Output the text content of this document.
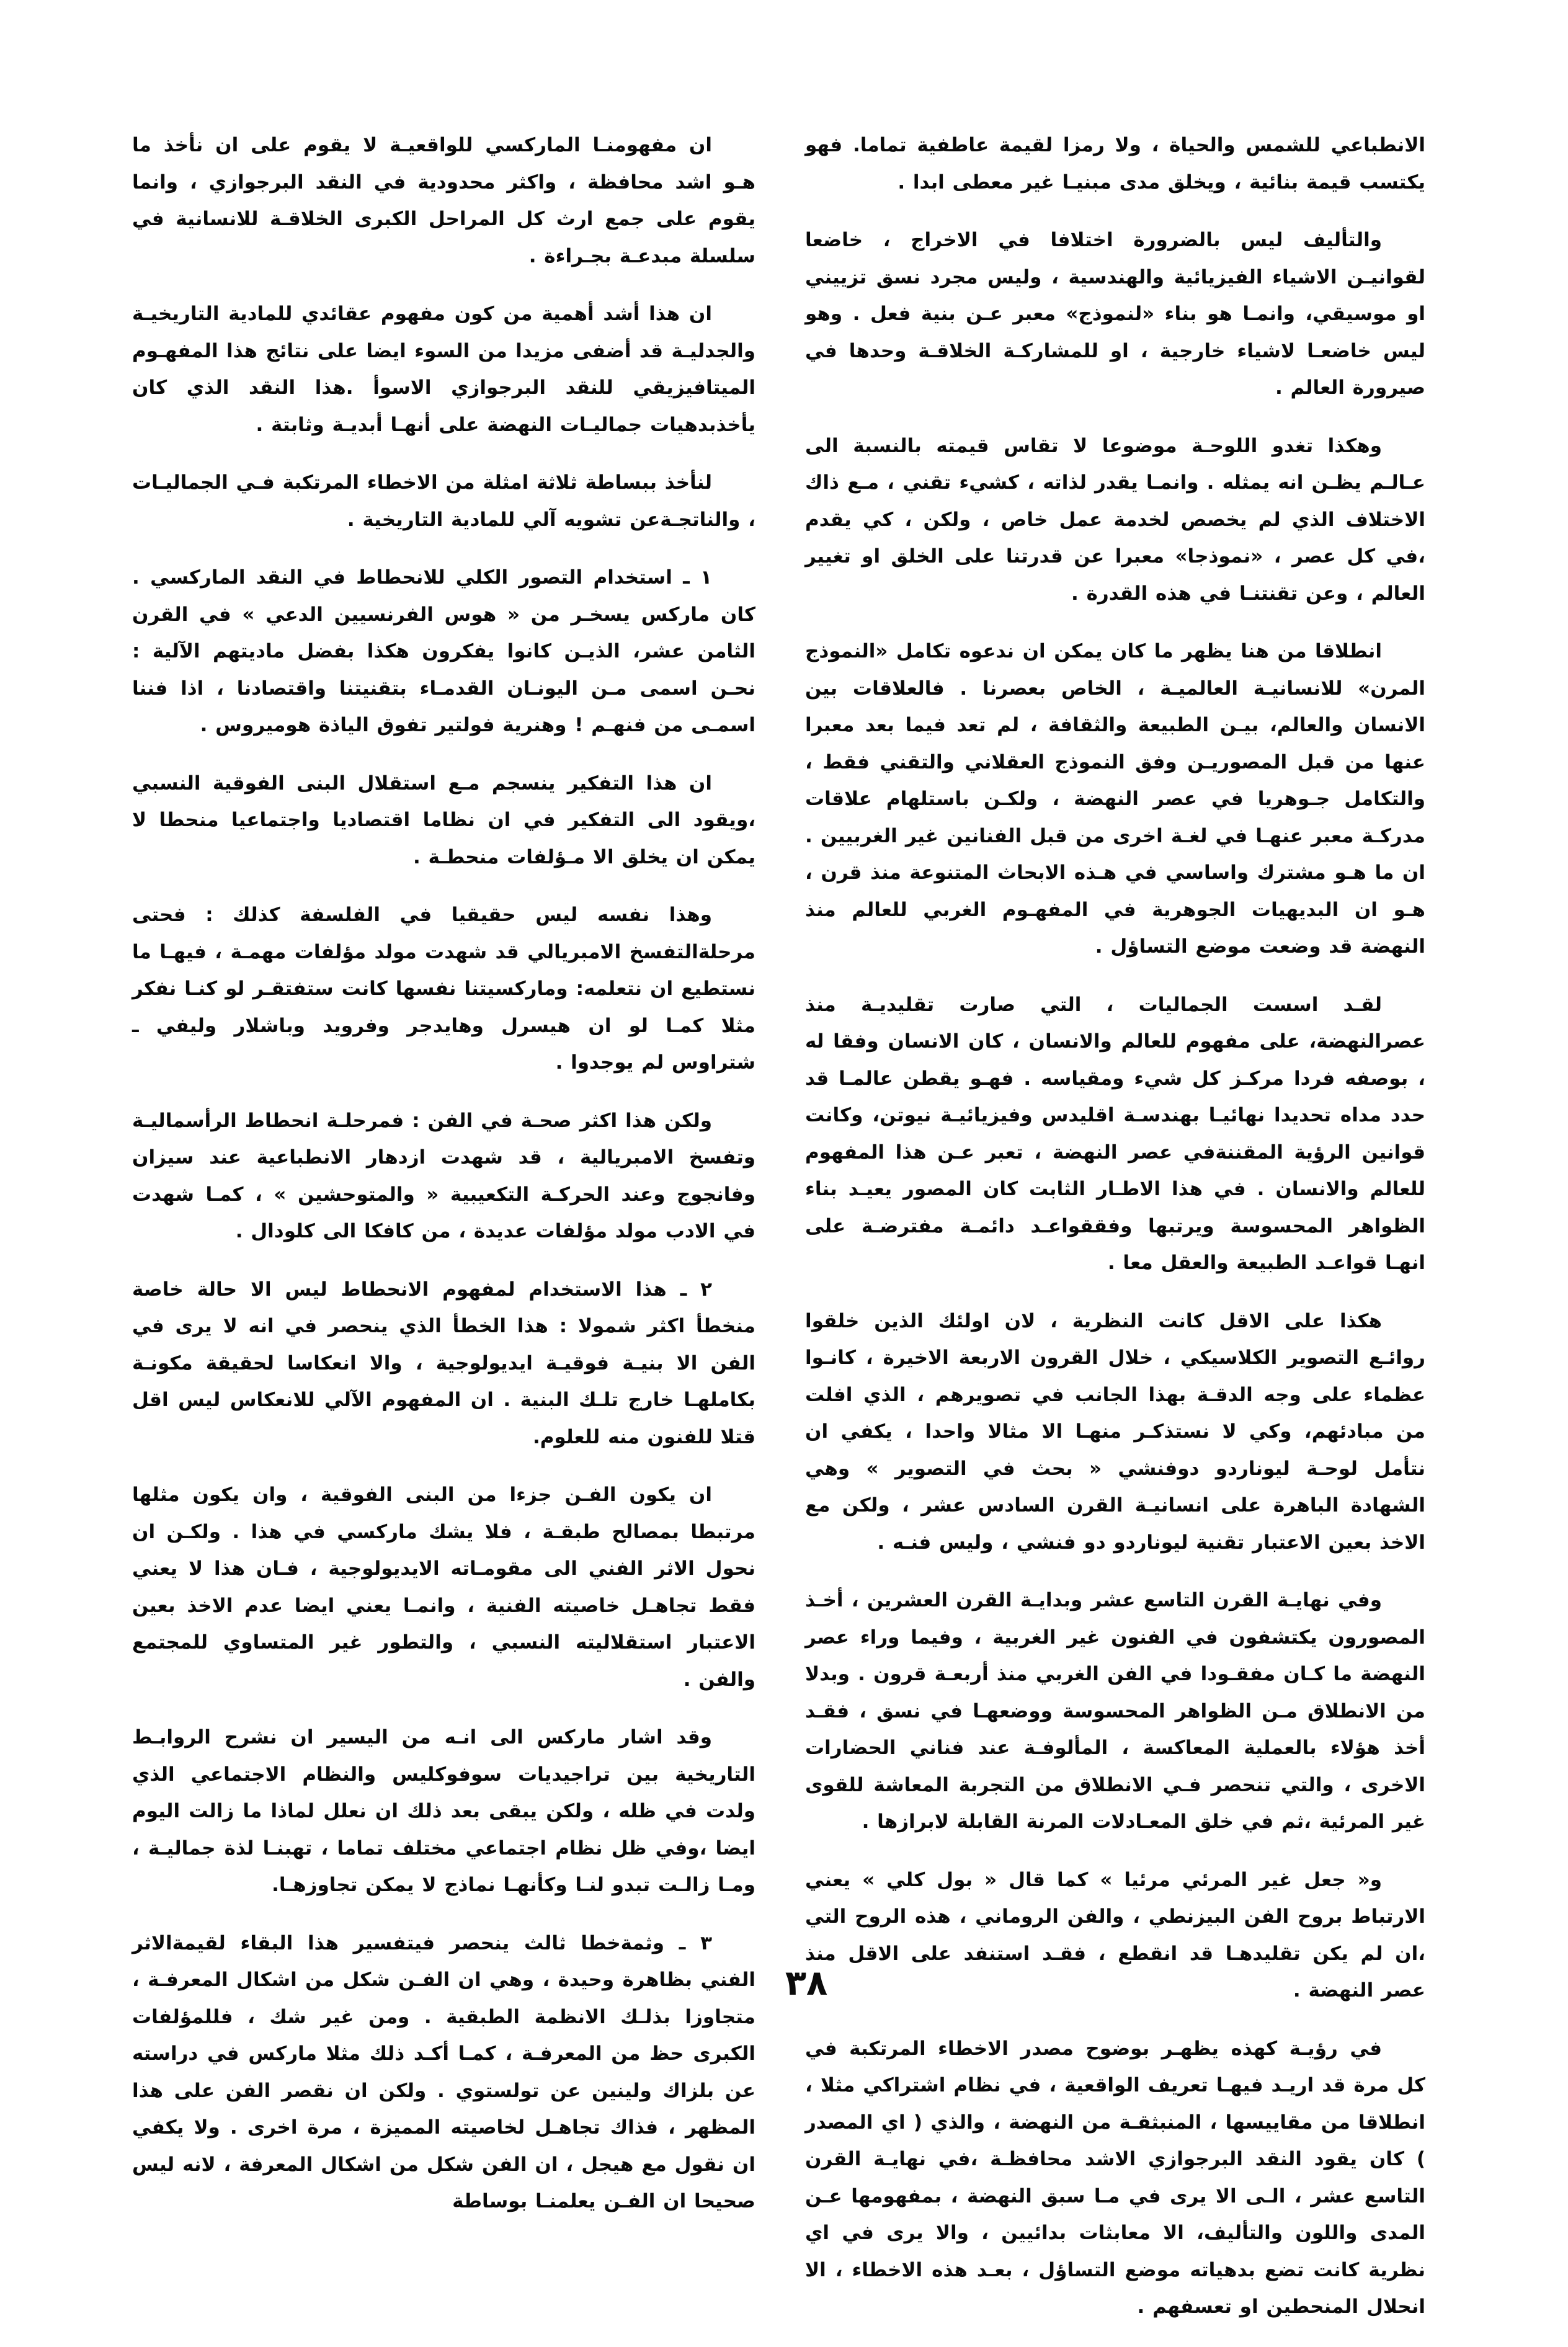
الانطباعي للشمس والحياة ، ولا رمزا لقيمة عاطفية تماما. فهو يكتسب قيمة بنائية ، ويخلق مدى مبنيـا غير معطى ابدا .

والتأليف ليس بالضرورة اختلافا في الاخراج ، خاضعا لقوانيـن الاشياء الفيزيائية والهندسية ، وليس مجرد نسق تزييني او موسيقي، وانمـا هو بناء «لنموذج» معبر عـن بنية فعل . وهو ليس خاضعـا لاشياء خارجية ، او للمشاركـة الخلاقـة وحدها في صيرورة العالم .

وهكذا تغدو اللوحـة موضوعا لا تقاس قيمته بالنسبة الى عـالـم يظـن انه يمثله . وانمـا يقدر لذاته ، كشيء تقني ، مـع ذاك الاختلاف الذي لم يخصص لخدمة عمل خاص ، ولكن ، كي يقدم ،في كل عصر ، «نموذجا» معبرا عن قدرتنا على الخلق او تغيير العالم ، وعن تقنتنـا في هذه القدرة .

انطلاقا من هنا يظهر ما كان يمكن ان ندعوه تكامل «النموذج المرن» للانسانيـة العالميـة ، الخاص بعصرنا . فالعلاقات بين الانسان والعالم، بيـن الطبيعة والثقافة ، لم تعد فيما بعد معبرا عنها من قبل المصوريـن وفق النموذج العقلاني والتقني فقط ، والتكامل جـوهريا في عصر النهضة ، ولكـن باستلهام علاقات مدركـة معبر عنهـا في لغـة اخرى من قبل الفنانين غير الغربيين . ان ما هـو مشترك واساسي في هـذه الابحاث المتنوعة منذ قرن ، هـو ان البديهيات الجوهرية في المفهـوم الغربي للعالم منذ النهضة قد وضعت موضع التساؤل .

لقـد اسست الجماليات ، التي صارت تقليديـة منذ عصرالنهضة، على مفهوم للعالم والانسان ، كان الانسان وفقا له ، بوصفه فردا مركـز كل شيء ومقياسه . فهـو يقطن عالمـا قد حدد مداه تحديدا نهائيـا بهندسـة اقليدس وفيزيائيـة نيوتن، وكانت قوانين الرؤية المقننةفي عصر النهضة ، تعبر عـن هذا المفهوم للعالم والانسان . في هذا الاطـار الثابت كان المصور يعيـد بناء الظواهر المحسوسة ويرتبها وفققواعـد دائمـة مفترضـة على انهـا قواعـد الطبيعة والعقل معا .

هكذا على الاقل كانت النظرية ، لان اولئك الذين خلقوا روائـع التصوير الكلاسيكي ، خلال القرون الاربعة الاخيرة ، كانـوا عظماء على وجه الدقـة بهذا الجانب في تصويرهم ، الذي افلت من مبادئهم، وكي لا نستذكـر منهـا الا مثالا واحدا ، يكفي ان نتأمل لوحـة ليوناردو دوفنشي « بحث في التصوير » وهي الشهادة الباهرة على انسانيـة القرن السادس عشر ، ولكن مع الاخذ بعين الاعتبار تقنية ليوناردو دو فنشي ، وليس فنـه .

وفي نهايـة القرن التاسع عشر وبدايـة القرن العشرين ، أخـذ المصورون يكتشفون في الفنون غير الغربية ، وفيما وراء عصر النهضة ما كـان مفقـودا في الفن الغربي منذ أربعـة قرون . وبدلا من الانطلاق مـن الظواهر المحسوسة ووضعهـا في نسق ، فقـد أخذ هؤلاء بالعملية المعاكسة ، المألوفـة عند فناني الحضارات الاخرى ، والتي تنحصر فـي الانطلاق من التجربة المعاشة للقوى غير المرئية ،ثم في خلق المعـادلات المرنة القابلة لابرازها .

و« جعل غير المرئي مرئيا » كما قال « بول كلي » يعني الارتباط بروح الفن البيزنطي ، والفن الروماني ، هذه الروح التي ،ان لم يكن تقليدهـا قد انقطع ، فقـد استنفد على الاقل منذ عصر النهضة .

في رؤيـة كهذه يظهـر بوضوح مصدر الاخطاء المرتكبة في كل مرة قد اريـد فيهـا تعريف الواقعية ، في نظام اشتراكي مثلا ، انطلاقا من مقاييسها ، المنبثقـة من النهضة ، والذي ( اي المصدر ) كان يقود النقد البرجوازي الاشد محافظـة ،في نهايـة القرن التاسع عشر ، الـى الا يرى في مـا سبق النهضة ، بمفهومها عـن المدى واللون والتأليف، الا معابثات بدائيين ، والا يرى في اي نظرية كانت تضع بدهياته موضع التساؤل ، بعـد هذه الاخطاء ، الا انحلال المنحطين او تعسفهم .

ان مفهومنـا الماركسي للواقعيـة لا يقوم على ان نأخذ ما هـو اشد محافظة ، واكثر محدودية في النقد البرجوازي ، وانما يقوم على جمع ارث كل المراحل الكبرى الخلاقـة للانسانية في سلسلة مبدعـة بجـراءة .

ان هذا أشد أهمية من كون مفهوم عقائدي للمادية التاريخيـة والجدليـة قد أضفى مزيدا من السوء ايضا على نتائج هذا المفهـوم الميتافيزيقي للنقد البرجوازي الاسوأ .هذا النقد الذي كان يأخذبدهيات جماليـات النهضة على أنهـا أبديـة وثابتة .

لنأخذ ببساطة ثلاثة امثلة من الاخطاء المرتكبة فـي الجماليـات ، والناتجـةعن تشويه آلي للمادية التاريخية .

١ ـ استخدام التصور الكلي للانحطاط في النقد الماركسي . كان ماركس يسخـر من « هوس الفرنسيين الدعي » في القرن الثامن عشر، الذيـن كانوا يفكرون هكذا بفضل ماديتهم الآلية : نحـن اسمى مـن اليونـان القدمـاء بتقنيتنا واقتصادنا ، اذا فننا اسمـى من فنهـم ! وهنرية فولتير تفوق الياذة هوميروس .

ان هذا التفكير ينسجم مـع استقلال البنى الفوقية النسبي ،ويقود الى التفكير في ان نظاما اقتصاديا واجتماعيا منحطا لا يمكن ان يخلق الا مـؤلفات منحطـة .

وهذا نفسه ليس حقيقيا في الفلسفة كذلك : فحتى مرحلةالتفسخ الامبريالي قد شهدت مولد مؤلفات مهمـة ، فيهـا ما نستطيع ان نتعلمه: وماركسيتنا نفسها كانت ستفتقـر لو كنـا نفكر مثلا كمـا لو ان هيسرل وهايدجر وفرويد وباشلار وليفي ـ شتراوس لم يوجدوا .

ولكن هذا اكثر صحـة في الفن : فمرحلـة انحطاط الرأسماليـة وتفسخ الامبريالية ، قد شهدت ازدهار الانطباعية عند سيزان وفانجوج وعند الحركـة التكعيبية « والمتوحشين » ، كمـا شهدت في الادب مولد مؤلفات عديدة ، من كافكا الى كلودال .

٢ ـ هذا الاستخدام لمفهوم الانحطاط ليس الا حالة خاصة منخطأ اكثر شمولا : هذا الخطأ الذي ينحصر في انه لا يرى في الفن الا بنيـة فوقيـة ايديولوجية ، والا انعكاسا لحقيقة مكونـة بكاملهـا خارج تلـك البنية . ان المفهوم الآلي للانعكاس ليس اقل قتلا للفنون منه للعلوم.

ان يكون الفـن جزءا من البنى الفوقية ، وان يكون مثلها مرتبطا بمصالح طبقـة ، فلا يشك ماركسي في هذا . ولكـن ان نحول الاثر الفني الى مقومـاته الايديولوجية ، فـان هذا لا يعني فقط تجاهـل خاصيته الفنية ، وانمـا يعني ايضا عدم الاخذ بعين الاعتبار استقلاليته النسبي ، والتطور غير المتساوي للمجتمع والفن .

وقد اشار ماركس الى انـه من اليسير ان نشرح الروابـط التاريخية بين تراجيديات سوفوكليس والنظام الاجتماعي الذي ولدت في ظله ، ولكن يبقى بعد ذلك ان نعلل لماذا ما زالت اليوم ايضا ،وفي ظل نظام اجتماعي مختلف تماما ، تهبنـا لذة جماليـة ، ومـا زالـت تبدو لنـا وكأنهـا نماذج لا يمكن تجاوزهـا.

٣ ـ وثمةخطا ثالث ينحصر فيتفسير هذا البقاء لقيمةالاثر الفني بظاهرة وحيدة ، وهي ان الفـن شكل من اشكال المعرفـة ، متجاوزا بذلـك الانظمة الطبقية . ومن غير شك ، فللمؤلفات الكبرى حظ من المعرفـة ، كمـا أكـد ذلك مثلا ماركس في دراسته عن بلزاك ولينين عن تولستوي . ولكن ان نقصر الفن على هذا المظهر ، فذاك تجاهـل لخاصيته المميزة ، مرة اخرى . ولا يكفي ان نقول مع هيجل ، ان الفن شكل من اشكال المعرفة ، لانه ليس صحيحا ان الفـن يعلمنـا بوساطة

٣٨
